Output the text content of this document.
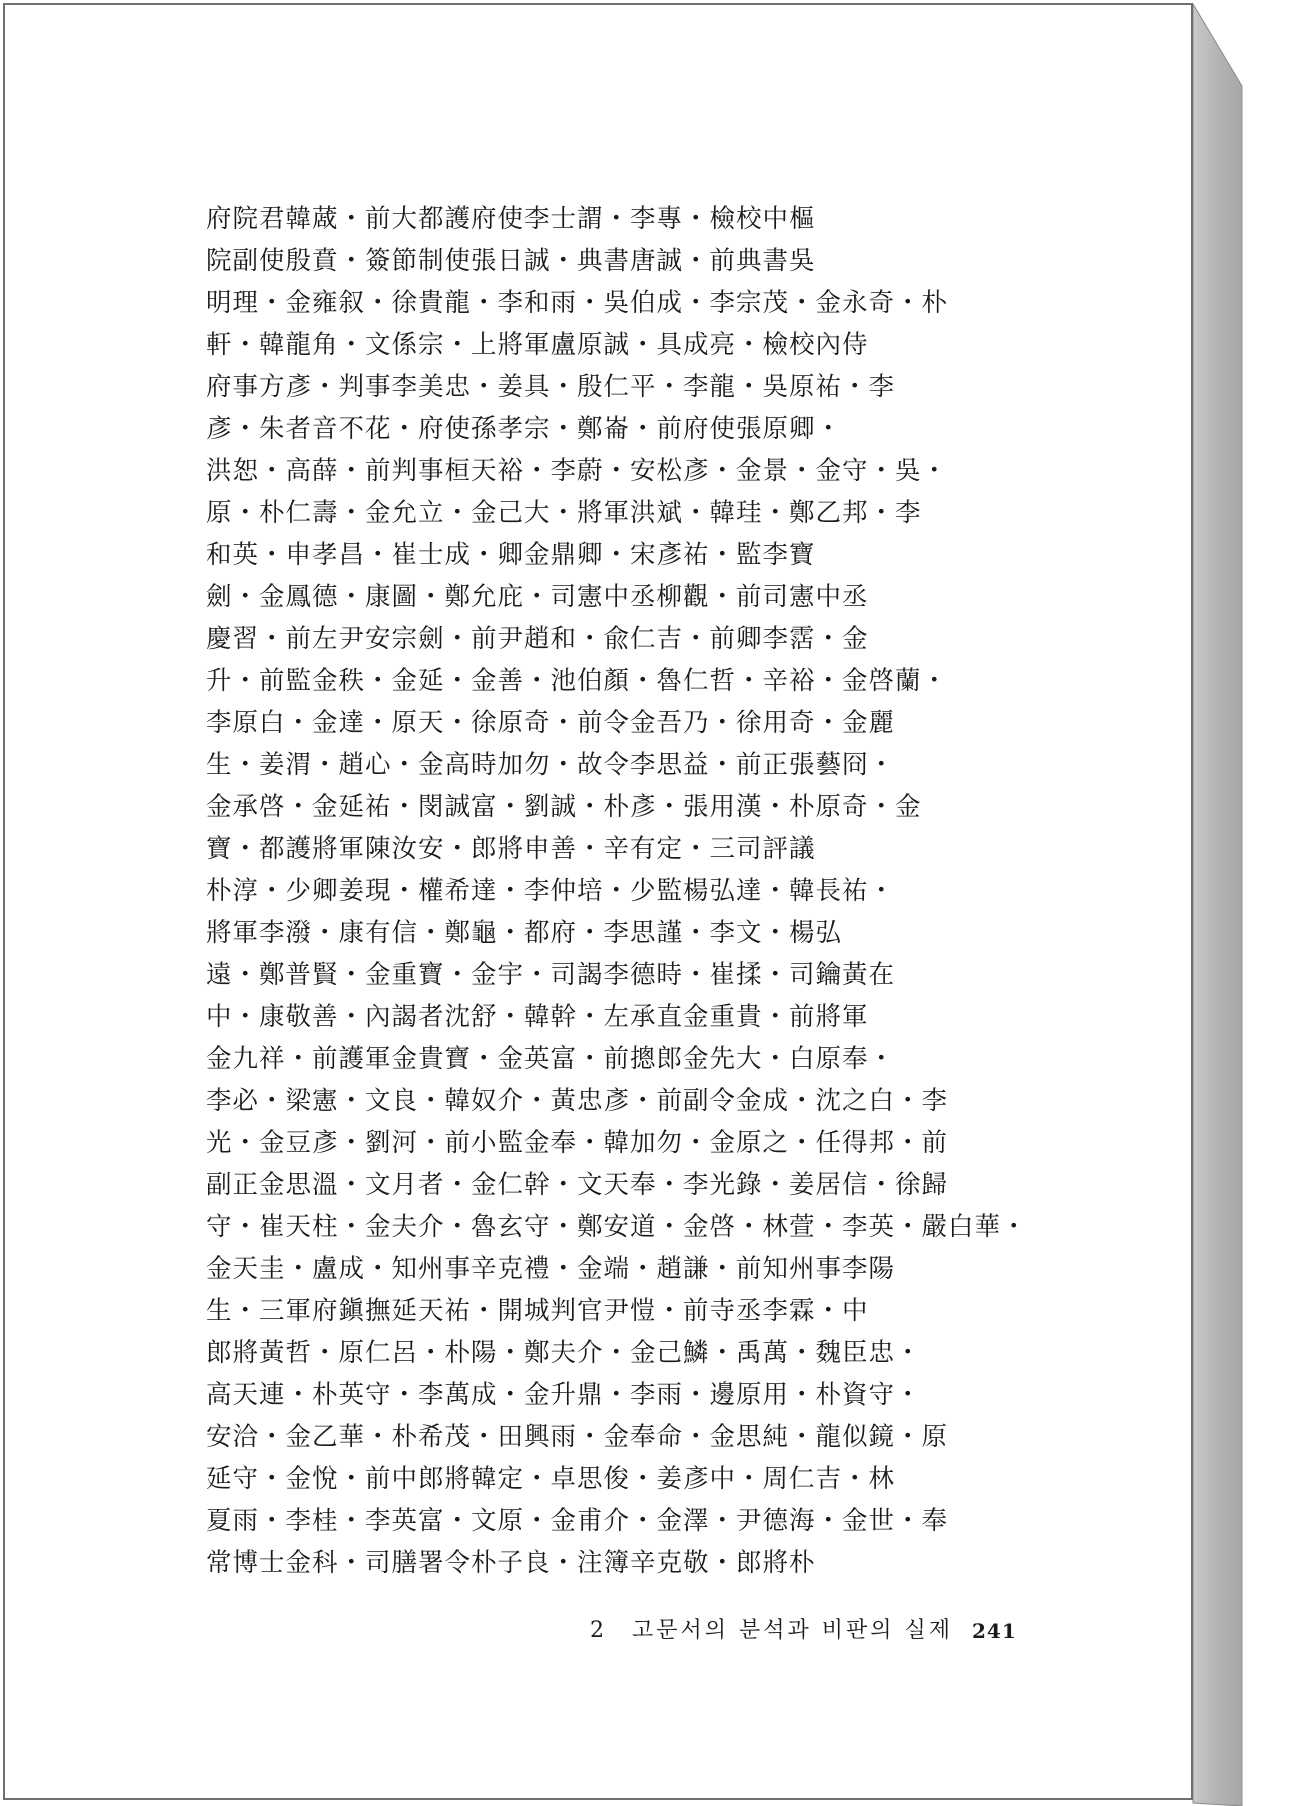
府院君韓蒧・前大都護府使李士謂・李專・檢校中樞
院副使殷賁・簽節制使張日誠・典書唐誠・前典書吳
明理・金雍叙・徐貴龍・李和雨・吳伯成・李宗茂・金永奇・朴
軒・韓龍角・文係宗・上將軍盧原誠・具成亮・檢校內侍
府事方彥・判事李美忠・姜具・殷仁平・李龍・吳原祐・李
彥・朱者音不花・府使孫孝宗・鄭崙・前府使張原卿・
洪恕・高薛・前判事桓天裕・李蔚・安松彥・金景・金守・吳・
原・朴仁壽・金允立・金己大・將軍洪斌・韓珪・鄭乙邦・李
和英・申孝昌・崔士成・卿金鼎卿・宋彥祐・監李寶
劍・金鳳德・康圖・鄭允庇・司憲中丞柳觀・前司憲中丞
慶習・前左尹安宗劍・前尹趙和・兪仁吉・前卿李霑・金
升・前監金秩・金延・金善・池伯顏・魯仁哲・辛裕・金啓蘭・
李原白・金達・原天・徐原奇・前令金吾乃・徐用奇・金麗
生・姜渭・趙心・金高時加勿・故令李思益・前正張藝冏・
金承啓・金延祐・閔誠富・劉誠・朴彥・張用漢・朴原奇・金
寶・都護將軍陳汝安・郎將申善・辛有定・三司評議
朴淳・少卿姜現・權希達・李仲培・少監楊弘達・韓長祐・
將軍李潑・康有信・鄭龜・都府・李思謹・李文・楊弘
遠・鄭普賢・金重寶・金宇・司謁李德時・崔揉・司鑰黃在
中・康敬善・內謁者沈舒・韓幹・左承直金重貴・前將軍
金九祥・前護軍金貴寶・金英富・前摠郎金先大・白原奉・
李必・梁憲・文良・韓奴介・黃忠彥・前副令金成・沈之白・李
光・金豆彥・劉河・前小監金奉・韓加勿・金原之・任得邦・前
副正金思溫・文月者・金仁幹・文天奉・李光錄・姜居信・徐歸
守・崔天柱・金夫介・魯玄守・鄭安道・金啓・林萱・李英・嚴白華・
金天圭・盧成・知州事辛克禮・金端・趙謙・前知州事李陽
生・三軍府鎭撫延天祐・開城判官尹愷・前寺丞李霖・中
郎將黃哲・原仁呂・朴陽・鄭夫介・金己鱗・禹萬・魏臣忠・
高天連・朴英守・李萬成・金升鼎・李雨・邊原用・朴資守・
安洽・金乙華・朴希茂・田興雨・金奉命・金思純・龍似鏡・原
延守・金悅・前中郎將韓定・卓思俊・姜彥中・周仁吉・林
夏雨・李桂・李英富・文原・金甫介・金澤・尹德海・金世・奉
常博士金科・司膳署令朴子良・注簿辛克敬・郎將朴
2 고문서의 분석과 비판의 실제 241
